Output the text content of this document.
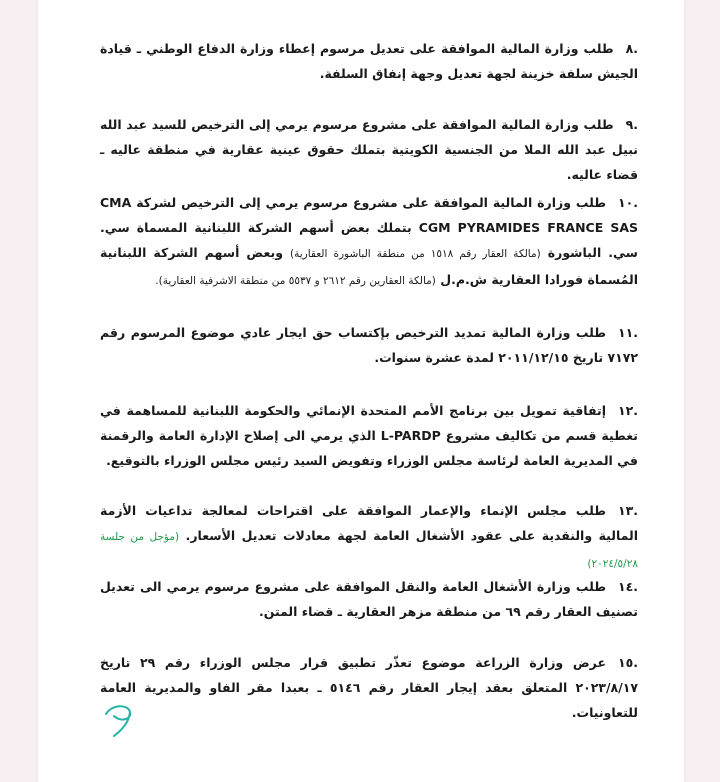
.٨طلب وزارة المالية الموافقة على تعديل مرسوم إعطاء وزارة الدفاع الوطني ـ قيادة الجيش سلفة خزينة لجهة تعديل وجهة إنفاق السلفة.
.٩طلب وزارة المالية الموافقة على مشروع مرسوم يرمي إلى الترخيص للسيد عبد الله نبيل عبد الله الملا من الجنسية الكويتية بتملك حقوق عينية عقارية في منطقة عاليه ـ قضاء عاليه.
.١٠طلب وزارة المالية الموافقة على مشروع مرسوم يرمي إلى الترخيص لشركة CMA CGM PYRAMIDES FRANCE SAS بتملك بعض أسهم الشركة اللبنانية المسماة سي. سي. الباشورة (مالكة العقار رقم ١٥١٨ من منطقة الباشورة العقارية) وبعض أسهم الشركة اللبنانية المُسماة فورادا العقارية ش.م.ل (مالكة العقارين رقم ٢٦١٢ و ٥٥٣٧ من منطقة الاشرفية العقارية).
.١١طلب وزارة المالية تمديد الترخيص بإكتساب حق ايجار عادي موضوع المرسوم رقم ٧١٧٢ تاريخ ٢٠١١/١٢/١٥ لمدة عشرة سنوات.
.١٢إتفاقية تمويل بين برنامج الأمم المتحدة الإنمائي والحكومة اللبنانية للمساهمة في تغطية قسم من تكاليف مشروع L-PARDP الذي يرمي الى إصلاح الإدارة العامة والرقمنة في المديرية العامة لرئاسة مجلس الوزراء وتفويض السيد رئيس مجلس الوزراء بالتوقيع.
.١٣طلب مجلس الإنماء والإعمار الموافقة على اقتراحات لمعالجة تداعيات الأزمة المالية والنقدية على عقود الأشغال العامة لجهة معادلات تعديل الأسعار. (مؤجل من جلسة ٢٠٢٤/٥/٢٨)
.١٤طلب وزارة الأشغال العامة والنقل الموافقة على مشروع مرسوم يرمي الى تعديل تصنيف العقار رقم ٦٩ من منطقة مزهر العقارية ـ قضاء المتن.
.١٥عرض وزارة الزراعة موضوع تعذّر تطبيق قرار مجلس الوزراء رقم ٢٩ تاريخ ٢٠٢٣/٨/١٧ المتعلق بعقد إيجار العقار رقم ٥١٤٦ ـ بعبدا مقر الفاو والمديرية العامة للتعاونيات.
